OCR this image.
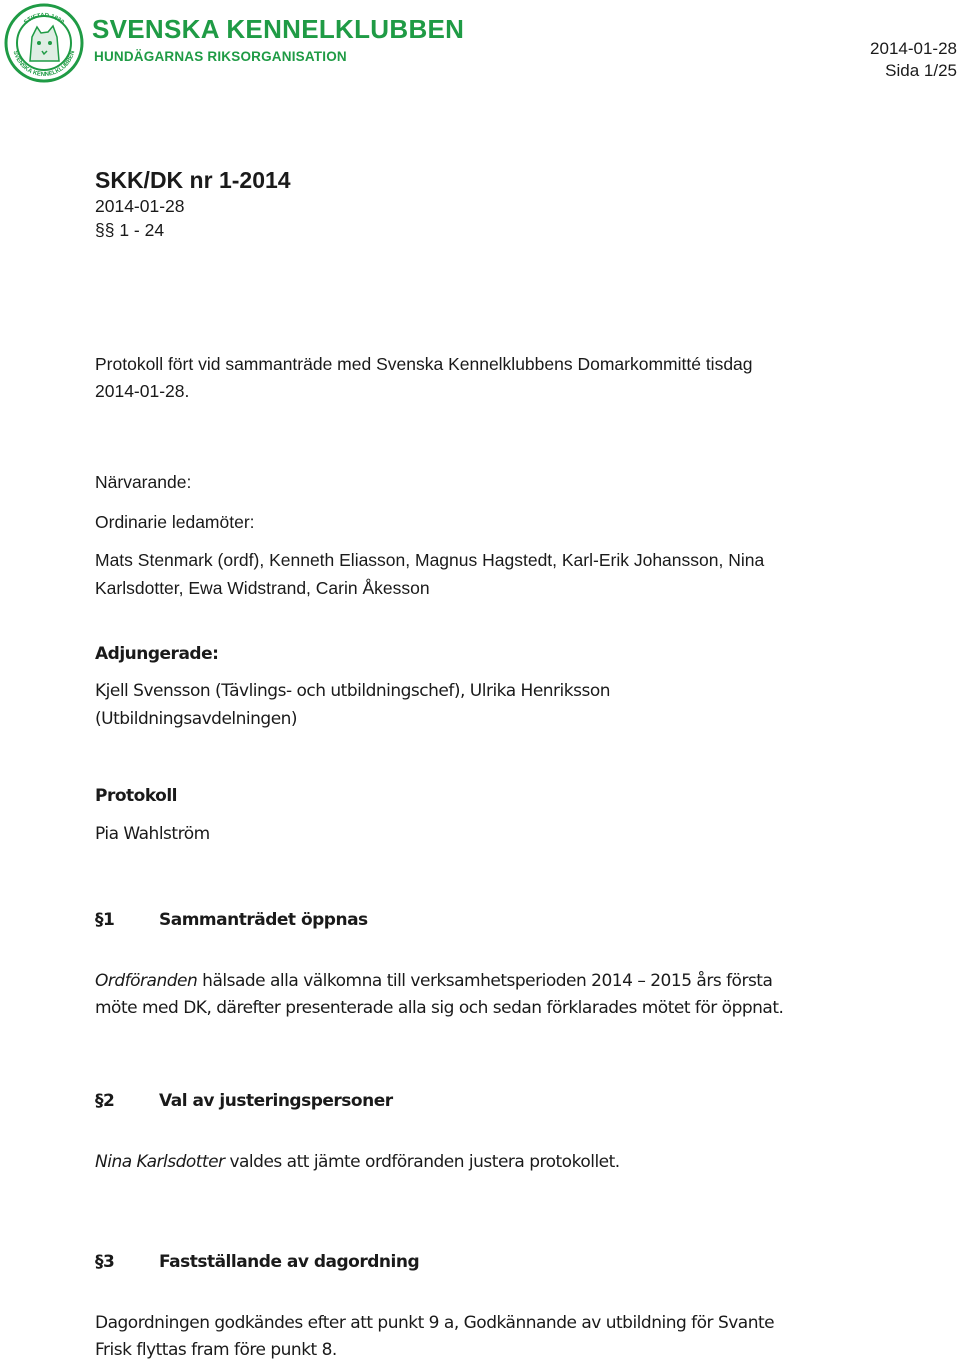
STIFTAD 1889
SVENSKA KENNELKLUBBEN

SVENSKA KENNELKLUBBEN

HUNDÄGARNAS RIKSORGANISATION	2014-01-28
Sida 1/25
SKK/DK nr 1-2014

2014-01-28

§§ 1 - 24

Protokoll fört vid sammanträde med Svenska Kennelklubbens Domarkommitté tisdag

2014-01-28.

Närvarande:

Ordinarie ledamöter:

Mats Stenmark (ordf), Kenneth Eliasson, Magnus Hagstedt, Karl-Erik Johansson, Nina

Karlsdotter, Ewa Widstrand, Carin Åkesson

Adjungerade:

Kjell Svensson (Tävlings- och utbildningschef), Ulrika Henriksson

(Utbildningsavdelningen)

Protokoll

Pia Wahlström

§1	Sammanträdet öppnas

Ordföranden hälsade alla välkomna till verksamhetsperioden 2014 – 2015 års första

möte med DK, därefter presenterade alla sig och sedan förklarades mötet för öppnat.

§2	Val av justeringspersoner

Nina Karlsdotter valdes att jämte ordföranden justera protokollet.

§3	Fastställande av dagordning

Dagordningen godkändes efter att punkt 9 a, Godkännande av utbildning för Svante

Frisk flyttas fram före punkt 8.
